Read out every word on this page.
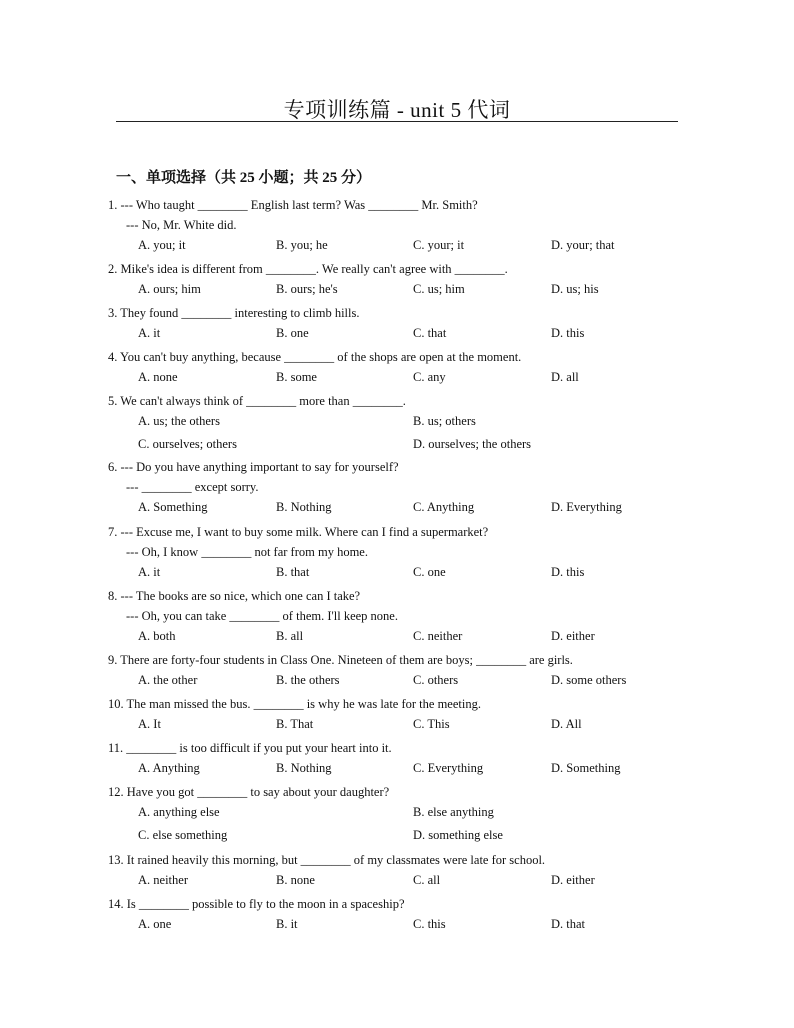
专项训练篇 - unit 5 代词
一、单项选择（共 25 小题；共 25 分）
1. --- Who taught ________ English last term? Was ________ Mr. Smith?
--- No, Mr. White did.
A. you; it	B. you; he	C. your; it	D. your; that
2. Mike's idea is different from ________. We really can't agree with ________.
A. ours; him	B. ours; he's	C. us; him	D. us; his
3. They found ________ interesting to climb hills.
A. it	B. one	C. that	D. this
4. You can't buy anything, because ________ of the shops are open at the moment.
A. none	B. some	C. any	D. all
5. We can't always think of ________ more than ________.
A. us; the others	B. us; others
C. ourselves; others	D. ourselves; the others
6. --- Do you have anything important to say for yourself?
--- ________ except sorry.
A. Something	B. Nothing	C. Anything	D. Everything
7. --- Excuse me, I want to buy some milk. Where can I find a supermarket?
--- Oh, I know ________ not far from my home.
A. it	B. that	C. one	D. this
8. --- The books are so nice, which one can I take?
--- Oh, you can take ________ of them. I'll keep none.
A. both	B. all	C. neither	D. either
9. There are forty-four students in Class One. Nineteen of them are boys; ________ are girls.
A. the other	B. the others	C. others	D. some others
10. The man missed the bus. ________ is why he was late for the meeting.
A. It	B. That	C. This	D. All
11. ________ is too difficult if you put your heart into it.
A. Anything	B. Nothing	C. Everything	D. Something
12. Have you got ________ to say about your daughter?
A. anything else	B. else anything
C. else something	D. something else
13. It rained heavily this morning, but ________ of my classmates were late for school.
A. neither	B. none	C. all	D. either
14. Is ________ possible to fly to the moon in a spaceship?
A. one	B. it	C. this	D. that
